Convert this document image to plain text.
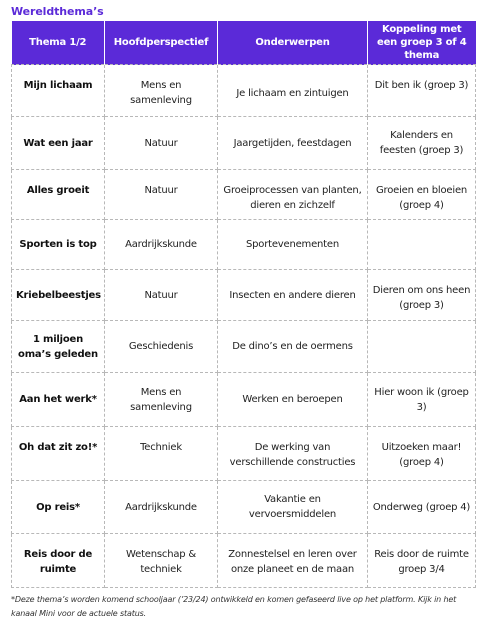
Wereldthema’s
Thema 1/2	Hoofdperspectief	Onderwerpen	Koppeling met een groep 3 of 4 thema
Mijn lichaam	Mens en samenleving	Je lichaam en zintuigen	Dit ben ik (groep 3)
Wat een jaar	Natuur	Jaargetijden, feestdagen	Kalenders en feesten (groep 3)
Alles groeit	Natuur	Groeiprocessen van planten, dieren en zichzelf	Groeien en bloeien (groep 4)
Sporten is top	Aardrijkskunde	Sportevenementen	
Kriebelbeestjes	Natuur	Insecten en andere dieren	Dieren om ons heen (groep 3)
1 miljoen oma’s geleden	Geschiedenis	De dino’s en de oermens	
Aan het werk*	Mens en samenleving	Werken en beroepen	Hier woon ik (groep 3)
Oh dat zit zo!*	Techniek	De werking van verschillende constructies	Uitzoeken maar! (groep 4)
Op reis*	Aardrijkskunde	Vakantie en vervoersmiddelen	Onderweg (groep 4)
Reis door de ruimte	Wetenschap & techniek	Zonnestelsel en leren over onze planeet en de maan	Reis door de ruimte groep 3/4
*Deze thema’s worden komend schooljaar (’23/24) ontwikkeld en komen gefaseerd live op het platform. Kijk in het kanaal Mini voor de actuele status.
